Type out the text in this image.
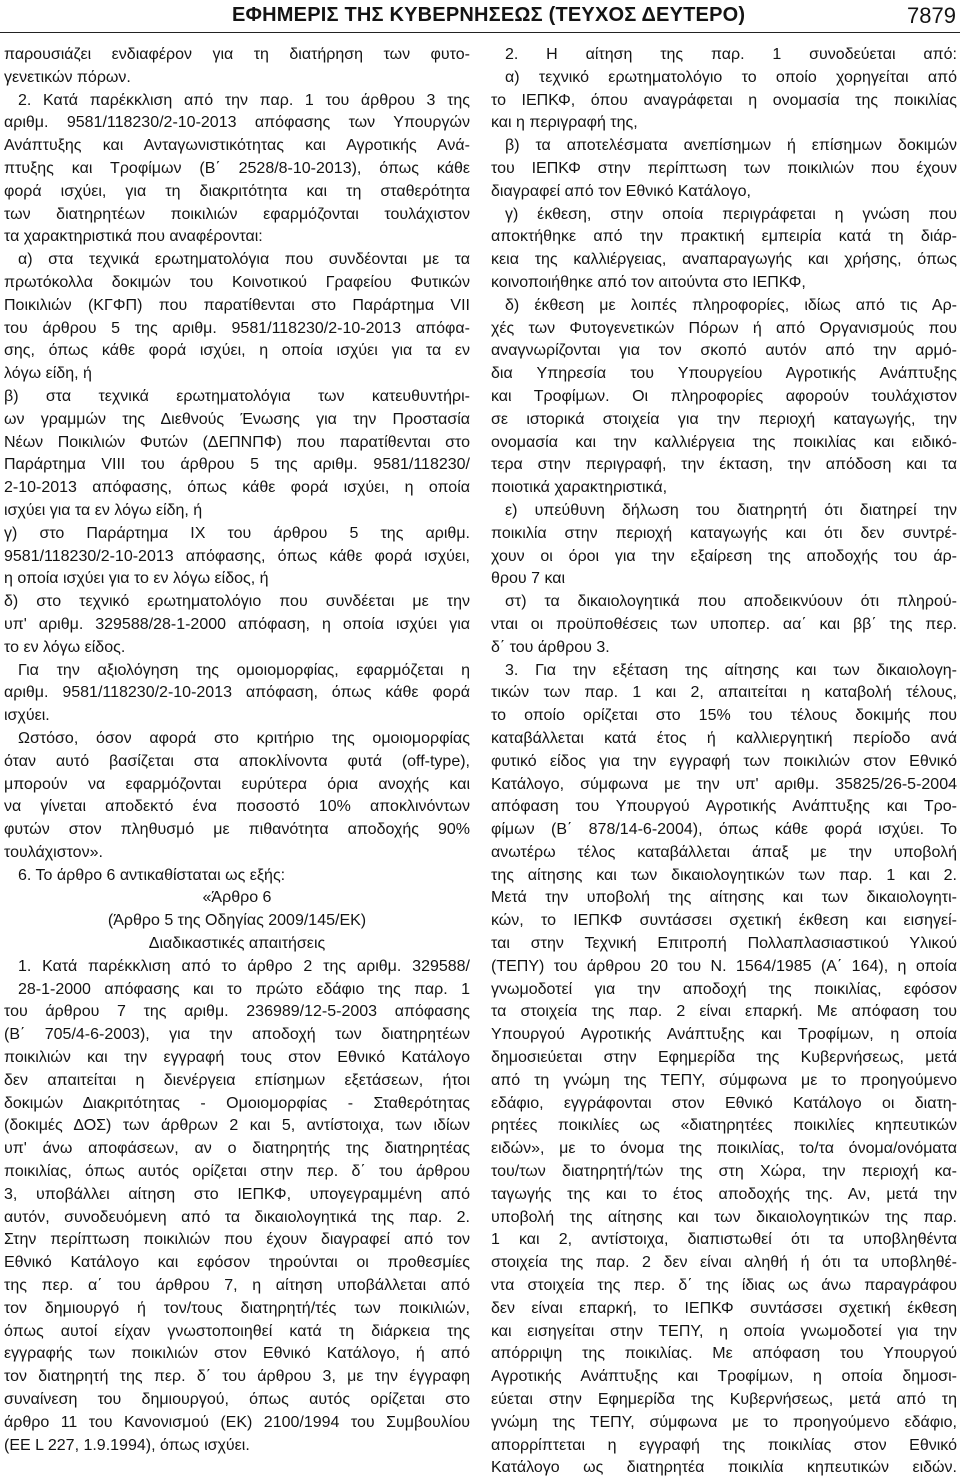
ΕΦΗΜΕΡΙΣ ΤΗΣ ΚΥΒΕΡΝΗΣΕΩΣ (ΤΕΥΧΟΣ ΔΕΥΤΕΡΟ)	7879
παρουσιάζει ενδιαφέρον για τη διατήρηση των φυτο-
γενετικών πόρων.
2. Κατά παρέκκλιση από την παρ. 1 του άρθρου 3 της
αριθμ. 9581/118230/2-10-2013 απόφασης των Υπουργών
Ανάπτυξης και Ανταγωνιστικότητας και Αγροτικής Ανά-
πτυξης και Τροφίμων (Β΄ 2528/8-10-2013), όπως κάθε
φορά ισχύει, για τη διακριτότητα και τη σταθερότητα
των διατηρητέων ποικιλιών εφαρμόζονται τουλάχιστον
τα χαρακτηριστικά που αναφέρονται:
α) στα τεχνικά ερωτηματολόγια που συνδέονται με τα
πρωτόκολλα δοκιμών του Κοινοτικού Γραφείου Φυτικών
Ποικιλιών (ΚΓΦΠ) που παρατίθενται στο Παράρτημα VII
του άρθρου 5 της αριθμ. 9581/118230/2-10-2013 απόφα-
σης, όπως κάθε φορά ισχύει, η οποία ισχύει για τα εν
λόγω είδη, ή
β) στα τεχνικά ερωτηματολόγια των κατευθυντήρι-
ων γραμμών της Διεθνούς Ένωσης για την Προστασία
Νέων Ποικιλιών Φυτών (ΔΕΠΝΠΦ) που παρατίθενται στο
Παράρτημα VIII του άρθρου 5 της αριθμ. 9581/118230/
2-10-2013 απόφασης, όπως κάθε φορά ισχύει, η οποία
ισχύει για τα εν λόγω είδη, ή
γ) στο Παράρτημα ΙΧ του άρθρου 5 της αριθμ.
9581/118230/2-10-2013 απόφασης, όπως κάθε φορά ισχύει,
η οποία ισχύει για το εν λόγω είδος, ή
δ) στο τεχνικό ερωτηματολόγιο που συνδέεται με την
υπ' αριθμ. 329588/28-1-2000 απόφαση, η οποία ισχύει για
το εν λόγω είδος.
Για την αξιολόγηση της ομοιομορφίας, εφαρμόζεται η
αριθμ. 9581/118230/2-10-2013 απόφαση, όπως κάθε φορά
ισχύει.
Ωστόσο, όσον αφορά στο κριτήριο της ομοιομορφίας
όταν αυτό βασίζεται στα αποκλίνοντα φυτά (off-type),
μπορούν να εφαρμόζονται ευρύτερα όρια ανοχής και
να γίνεται αποδεκτό ένα ποσοστό 10% αποκλινόντων
φυτών στον πληθυσμό με πιθανότητα αποδοχής 90%
τουλάχιστον».
6. Το άρθρο 6 αντικαθίσταται ως εξής:
«Άρθρο 6
(Άρθρο 5 της Οδηγίας 2009/145/ΕΚ)
Διαδικαστικές απαιτήσεις
1. Κατά παρέκκλιση από το άρθρο 2 της αριθμ. 329588/
28-1-2000 απόφασης και το πρώτο εδάφιο της παρ. 1
του άρθρου 7 της αριθμ. 236989/12-5-2003 απόφασης
(Β΄ 705/4-6-2003), για την αποδοχή των διατηρητέων
ποικιλιών και την εγγραφή τους στον Εθνικό Κατάλογο
δεν απαιτείται η διενέργεια επίσημων εξετάσεων, ήτοι
δοκιμών Διακριτότητας - Ομοιομορφίας - Σταθερότητας
(δοκιμές ΔΟΣ) των άρθρων 2 και 5, αντίστοιχα, των ιδίων
υπ' άνω αποφάσεων, αν ο διατηρητής της διατηρητέας
ποικιλίας, όπως αυτός ορίζεται στην περ. δ΄ του άρθρου
3, υποβάλλει αίτηση στο ΙΕΠΚΦ, υπογεγραμμένη από
αυτόν, συνοδευόμενη από τα δικαιολογητικά της παρ. 2.
Στην περίπτωση ποικιλιών που έχουν διαγραφεί από τον
Εθνικό Κατάλογο και εφόσον τηρούνται οι προθεσμίες
της περ. α΄ του άρθρου 7, η αίτηση υποβάλλεται από
τον δημιουργό ή τον/τους διατηρητή/τές των ποικιλιών,
όπως αυτοί είχαν γνωστοποιηθεί κατά τη διάρκεια της
εγγραφής των ποικιλιών στον Εθνικό Κατάλογο, ή από
τον διατηρητή της περ. δ΄ του άρθρου 3, με την έγγραφη
συναίνεση του δημιουργού, όπως αυτός ορίζεται στο
άρθρο 11 του Κανονισμού (ΕΚ) 2100/1994 του Συμβουλίου
(ΕΕ L 227, 1.9.1994), όπως ισχύει.
2. Η αίτηση της παρ. 1 συνοδεύεται από:
α) τεχνικό ερωτηματολόγιο το οποίο χορηγείται από
το ΙΕΠΚΦ, όπου αναγράφεται η ονομασία της ποικιλίας
και η περιγραφή της,
β) τα αποτελέσματα ανεπίσημων ή επίσημων δοκιμών
του ΙΕΠΚΦ στην περίπτωση των ποικιλιών που έχουν
διαγραφεί από τον Εθνικό Κατάλογο,
γ) έκθεση, στην οποία περιγράφεται η γνώση που
αποκτήθηκε από την πρακτική εμπειρία κατά τη διάρ-
κεια της καλλιέργειας, αναπαραγωγής και χρήσης, όπως
κοινοποιήθηκε από τον αιτούντα στο ΙΕΠΚΦ,
δ) έκθεση με λοιπές πληροφορίες, ιδίως από τις Αρ-
χές των Φυτογενετικών Πόρων ή από Οργανισμούς που
αναγνωρίζονται για τον σκοπό αυτόν από την αρμό-
δια Υπηρεσία του Υπουργείου Αγροτικής Ανάπτυξης
και Τροφίμων. Οι πληροφορίες αφορούν τουλάχιστον
σε ιστορικά στοιχεία για την περιοχή καταγωγής, την
ονομασία και την καλλιέργεια της ποικιλίας και ειδικό-
τερα στην περιγραφή, την έκταση, την απόδοση και τα
ποιοτικά χαρακτηριστικά,
ε) υπεύθυνη δήλωση του διατηρητή ότι διατηρεί την
ποικιλία στην περιοχή καταγωγής και ότι δεν συντρέ-
χουν οι όροι για την εξαίρεση της αποδοχής του άρ-
θρου 7 και
στ) τα δικαιολογητικά που αποδεικνύουν ότι πληρού-
νται οι προϋποθέσεις των υποπερ. αα΄ και ββ΄ της περ.
δ΄ του άρθρου 3.
3. Για την εξέταση της αίτησης και των δικαιολογη-
τικών των παρ. 1 και 2, απαιτείται η καταβολή τέλους,
το οποίο ορίζεται στο 15% του τέλους δοκιμής που
καταβάλλεται κατά έτος ή καλλιεργητική περίοδο ανά
φυτικό είδος για την εγγραφή των ποικιλιών στον Εθνικό
Κατάλογο, σύμφωνα με την υπ' αριθμ. 35825/26-5-2004
απόφαση του Υπουργού Αγροτικής Ανάπτυξης και Τρο-
φίμων (Β΄ 878/14-6-2004), όπως κάθε φορά ισχύει. Το
ανωτέρω τέλος καταβάλλεται άπαξ με την υποβολή
της αίτησης και των δικαιολογητικών των παρ. 1 και 2.
Μετά την υποβολή της αίτησης και των δικαιολογητι-
κών, το ΙΕΠΚΦ συντάσσει σχετική έκθεση και εισηγεί-
ται στην Τεχνική Επιτροπή Πολλαπλασιαστικού Υλικού
(ΤΕΠΥ) του άρθρου 20 του Ν. 1564/1985 (Α΄ 164), η οποία
γνωμοδοτεί για την αποδοχή της ποικιλίας, εφόσον
τα στοιχεία της παρ. 2 είναι επαρκή. Με απόφαση του
Υπουργού Αγροτικής Ανάπτυξης και Τροφίμων, η οποία
δημοσιεύεται στην Εφημερίδα της Κυβερνήσεως, μετά
από τη γνώμη της ΤΕΠΥ, σύμφωνα με το προηγούμενο
εδάφιο, εγγράφονται στον Εθνικό Κατάλογο οι διατη-
ρητέες ποικιλίες ως «διατηρητέες ποικιλίες κηπευτικών
ειδών», με το όνομα της ποικιλίας, το/τα όνομα/ονόματα
του/των διατηρητή/τών της στη Χώρα, την περιοχή κα-
ταγωγής της και το έτος αποδοχής της. Αν, μετά την
υποβολή της αίτησης και των δικαιολογητικών της παρ.
1 και 2, αντίστοιχα, διαπιστωθεί ότι τα υποβληθέντα
στοιχεία της παρ. 2 δεν είναι αληθή ή ότι τα υποβληθέ-
ντα στοιχεία της περ. δ΄ της ίδιας ως άνω παραγράφου
δεν είναι επαρκή, το ΙΕΠΚΦ συντάσσει σχετική έκθεση
και εισηγείται στην ΤΕΠΥ, η οποία γνωμοδοτεί για την
απόρριψη της ποικιλίας. Με απόφαση του Υπουργού
Αγροτικής Ανάπτυξης και Τροφίμων, η οποία δημοσι-
εύεται στην Εφημερίδα της Κυβερνήσεως, μετά από τη
γνώμη της ΤΕΠΥ, σύμφωνα με το προηγούμενο εδάφιο,
απορρίπτεται η εγγραφή της ποικιλίας στον Εθνικό
Κατάλογο ως διατηρητέα ποικιλία κηπευτικών ειδών.
